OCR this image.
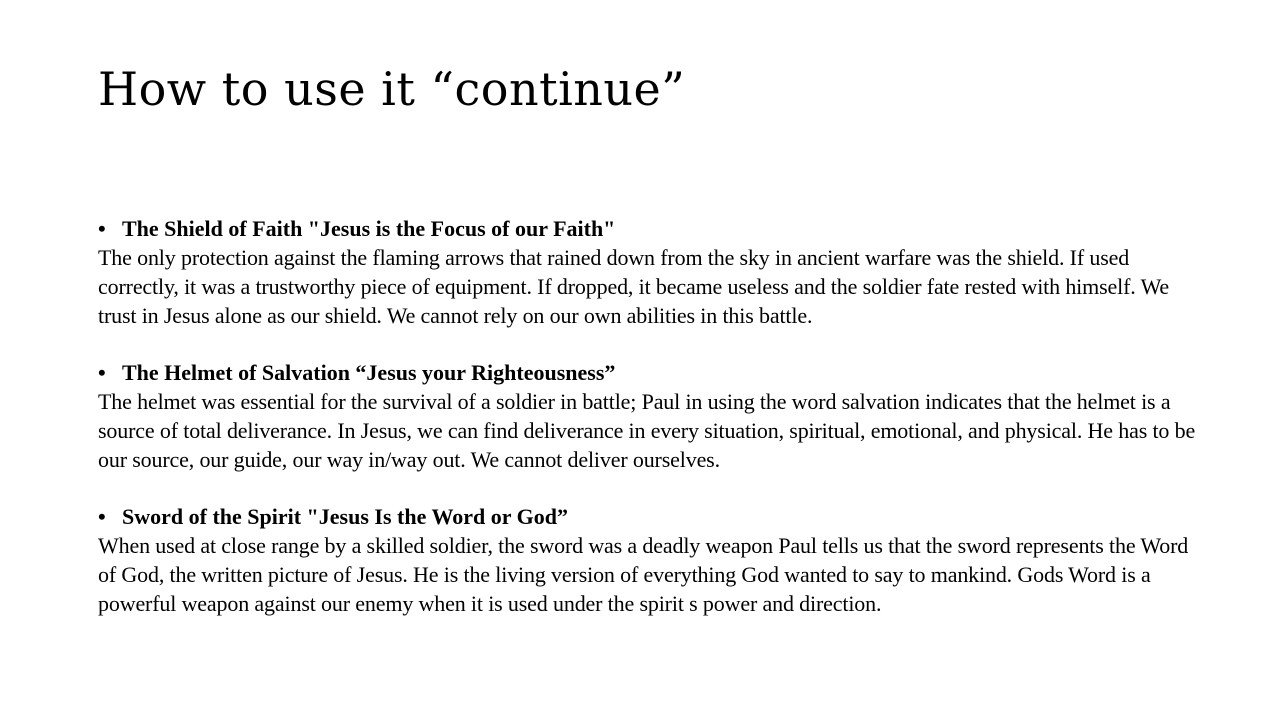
How to use it “continue”

• The Shield of Faith "Jesus is the Focus of our Faith"

The only protection against the flaming arrows that rained down from the sky in ancient warfare was the shield. If used correctly, it was a trustworthy piece of equipment. If dropped, it became useless and the soldier fate rested with himself. We trust in Jesus alone as our shield. We cannot rely on our own abilities in this battle.

• The Helmet of Salvation “Jesus your Righteousness”

The helmet was essential for the survival of a soldier in battle; Paul in using the word salvation indicates that the helmet is a source of total deliverance. In Jesus, we can find deliverance in every situation, spiritual, emotional, and physical. He has to be our source, our guide, our way in/way out. We cannot deliver ourselves.

• Sword of the Spirit "Jesus Is the Word or God”

When used at close range by a skilled soldier, the sword was a deadly weapon Paul tells us that the sword represents the Word of God, the written picture of Jesus. He is the living version of everything God wanted to say to mankind. Gods Word is a powerful weapon against our enemy when it is used under the spirit s power and direction.
